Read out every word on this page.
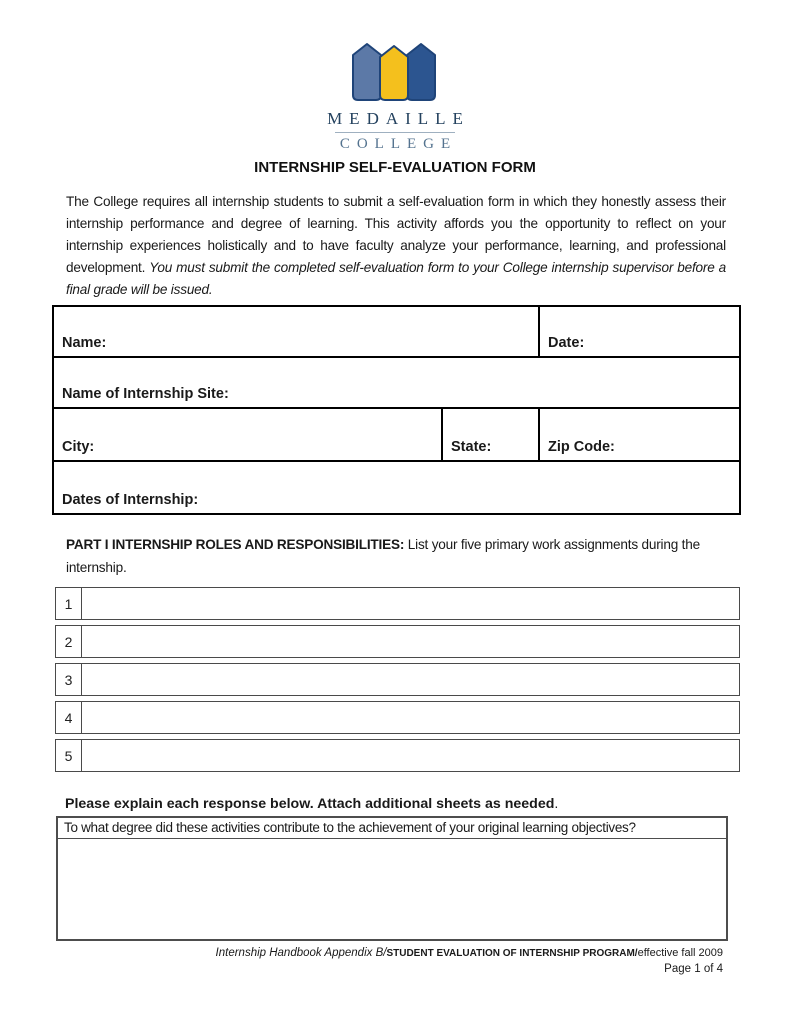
MEDAILLE
COLLEGE
INTERNSHIP SELF-EVALUATION FORM

The College requires all internship students to submit a self-evaluation form in which they honestly assess their internship performance and degree of learning. This activity affords you the opportunity to reflect on your internship experiences holistically and to have faculty analyze your performance, learning, and professional development. You must submit the completed self-evaluation form to your College internship supervisor before a final grade will be issued.

Name:		Date:
Name of Internship Site:		
City:	State:	Zip Code:
Dates of Internship:		

PART I INTERNSHIP ROLES AND RESPONSIBILITIES: List your five primary work assignments during the internship.

1
2
3
4
5

Please explain each response below. Attach additional sheets as needed.

To what degree did these activities contribute to the achievement of your original learning objectives?
Internship Handbook Appendix B/STUDENT EVALUATION OF INTERNSHIP PROGRAM/effective fall 2009
Page 1 of 4
